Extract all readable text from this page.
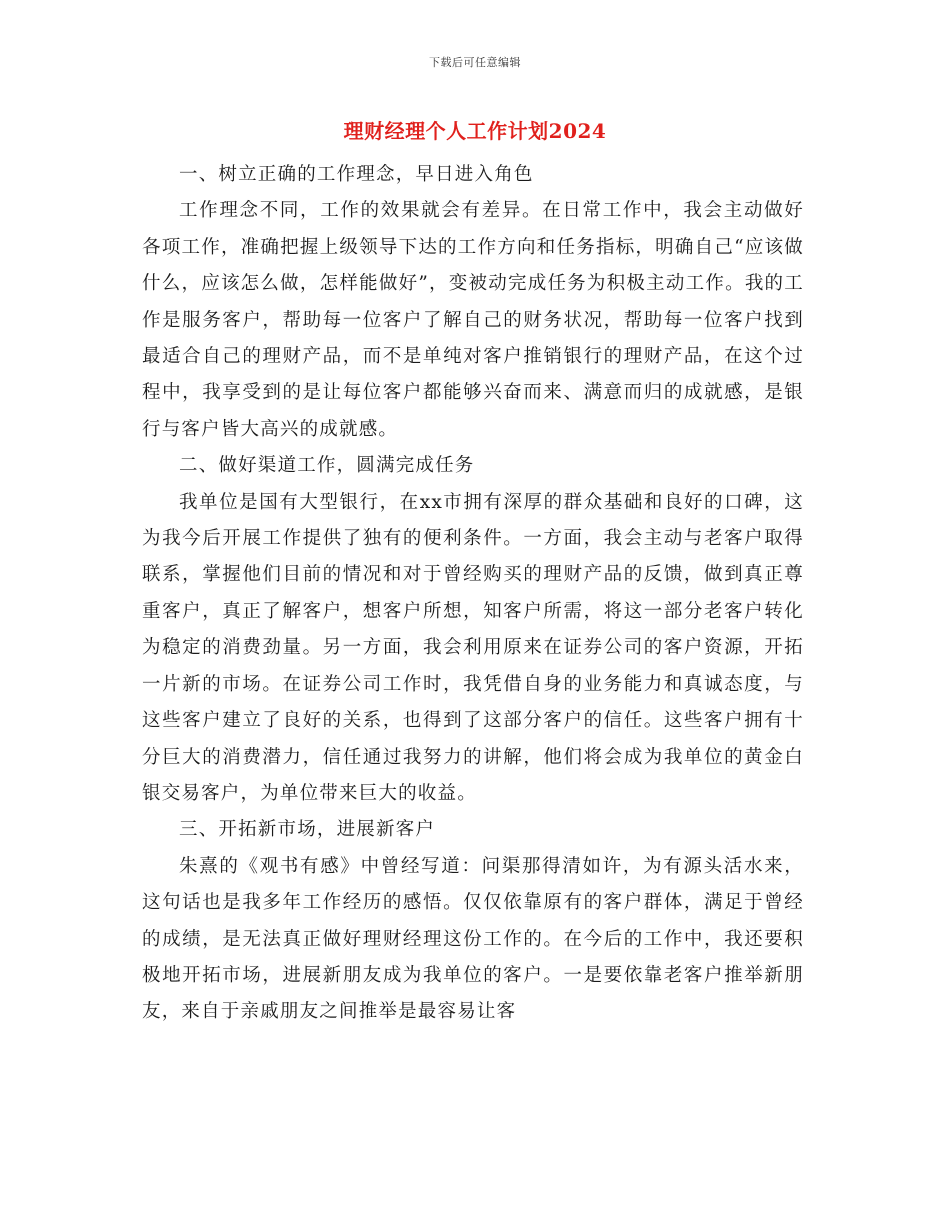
下载后可任意编辑
理财经理个人工作计划2024

一、树立正确的工作理念，早日进入角色

工作理念不同，工作的效果就会有差异。在日常工作中，我会主动做好各项工作，准确把握上级领导下达的工作方向和任务指标，明确自己“应该做什么，应该怎么做，怎样能做好”，变被动完成任务为积极主动工作。我的工作是服务客户，帮助每一位客户了解自己的财务状况，帮助每一位客户找到最适合自己的理财产品，而不是单纯对客户推销银行的理财产品，在这个过程中，我享受到的是让每位客户都能够兴奋而来、满意而归的成就感，是银行与客户皆大高兴的成就感。

二、做好渠道工作，圆满完成任务

我单位是国有大型银行，在xx市拥有深厚的群众基础和良好的口碑，这为我今后开展工作提供了独有的便利条件。一方面，我会主动与老客户取得联系，掌握他们目前的情况和对于曾经购买的理财产品的反馈，做到真正尊重客户，真正了解客户，想客户所想，知客户所需，将这一部分老客户转化为稳定的消费劲量。另一方面，我会利用原来在证券公司的客户资源，开拓一片新的市场。在证券公司工作时，我凭借自身的业务能力和真诚态度，与这些客户建立了良好的关系，也得到了这部分客户的信任。这些客户拥有十分巨大的消费潜力，信任通过我努力的讲解，他们将会成为我单位的黄金白银交易客户，为单位带来巨大的收益。

三、开拓新市场，进展新客户

朱熹的《观书有感》中曾经写道：问渠那得清如许，为有源头活水来，这句话也是我多年工作经历的感悟。仅仅依靠原有的客户群体，满足于曾经的成绩，是无法真正做好理财经理这份工作的。在今后的工作中，我还要积极地开拓市场，进展新朋友成为我单位的客户。一是要依靠老客户推举新朋友，来自于亲戚朋友之间推举是最容易让客
